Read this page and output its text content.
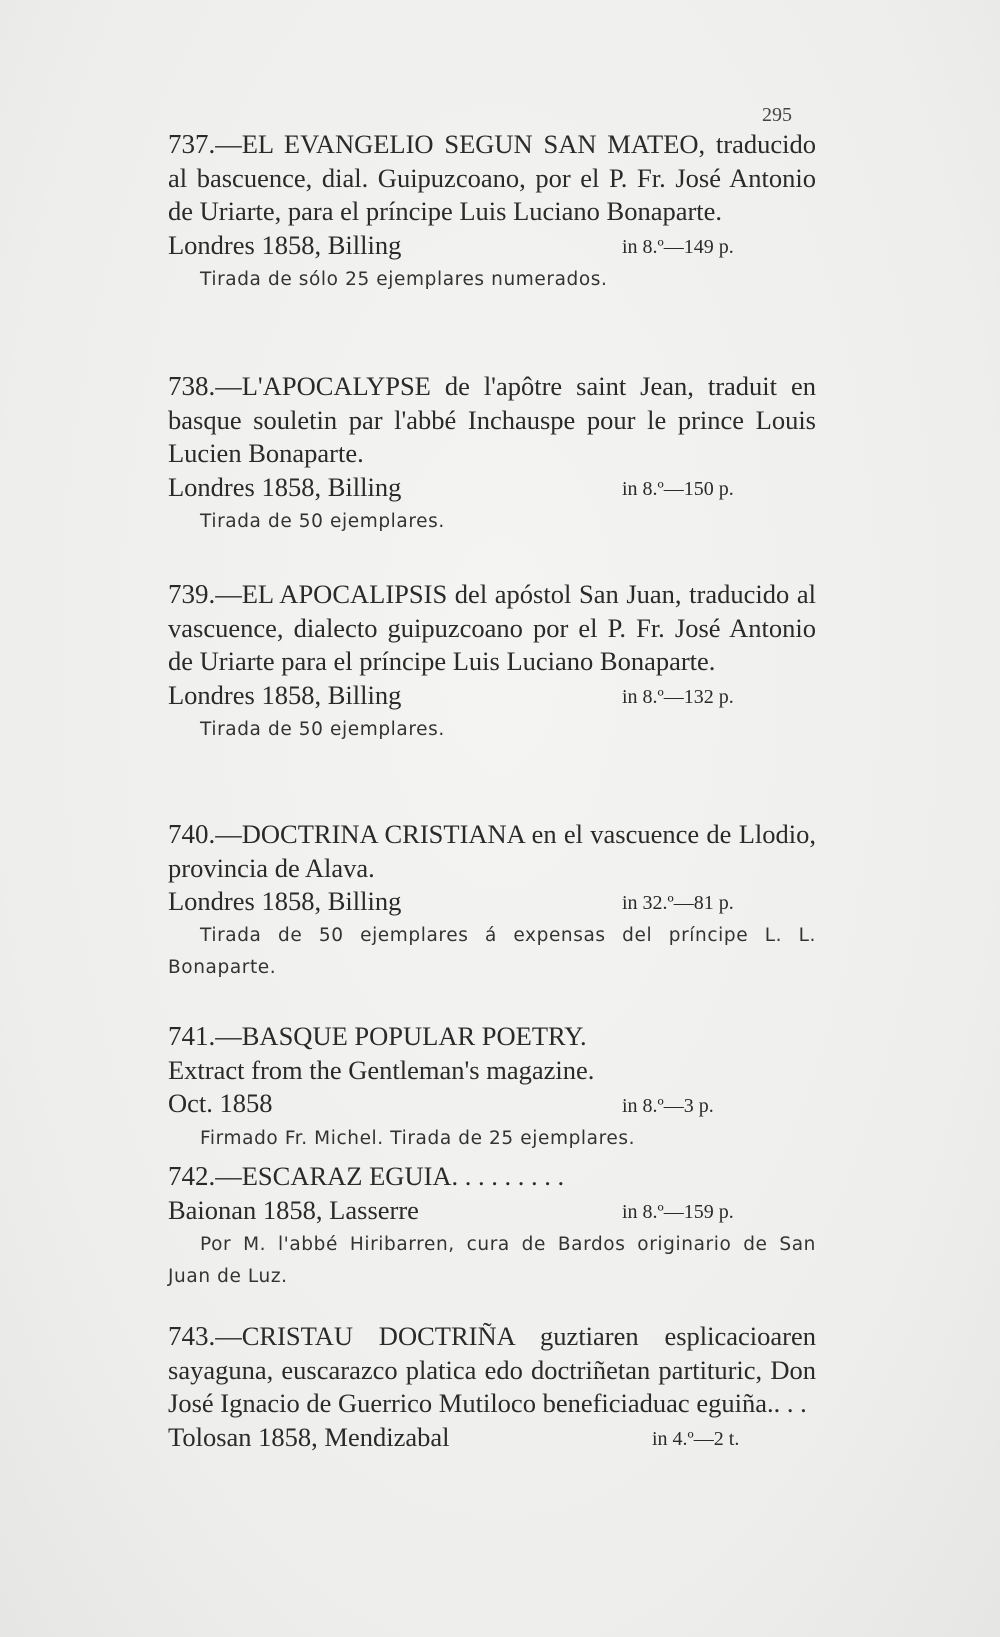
295
737.—EL EVANGELIO SEGUN SAN MATEO, traducido al bascuence, dial. Guipuzcoano, por el P. Fr. José Antonio de Uriarte, para el príncipe Luis Luciano Bonaparte.
Londres 1858, Billing	in 8.º—149 p.
Tirada de sólo 25 ejemplares numerados.
738.—L'APOCALYPSE de l'apôtre saint Jean, traduit en basque souletin par l'abbé Inchauspe pour le prince Louis Lucien Bonaparte.
Londres 1858, Billing	in 8.º—150 p.
Tirada de 50 ejemplares.
739.—EL APOCALIPSIS del apóstol San Juan, traducido al vascuence, dialecto guipuzcoano por el P. Fr. José Antonio de Uriarte para el príncipe Luis Luciano Bonaparte.
Londres 1858, Billing	in 8.º—132 p.
Tirada de 50 ejemplares.
740.—DOCTRINA CRISTIANA en el vascuence de Llodio, provincia de Alava.
Londres 1858, Billing	in 32.º—81 p.
Tirada de 50 ejemplares á expensas del príncipe L. L. Bonaparte.
741.—BASQUE POPULAR POETRY. Extract from the Gentleman's magazine. Oct. 1858	in 8.º—3 p.
Firmado Fr. Michel. Tirada de 25 ejemplares.
742.—ESCARAZ EGUIA. . . . . . . . .
Baionan 1858, Lasserre	in 8.º—159 p.
Por M. l'abbé Hiribarren, cura de Bardos originario de San Juan de Luz.
743.—CRISTAU DOCTRIÑA guztiaren esplicacioaren sayaguna, euscarazco platica edo doctriñetan partituric, Don José Ignacio de Guerrico Mutiloco beneficiaduac eguiña.. . .
Tolosan 1858, Mendizabal	in 4.º—2 t.
